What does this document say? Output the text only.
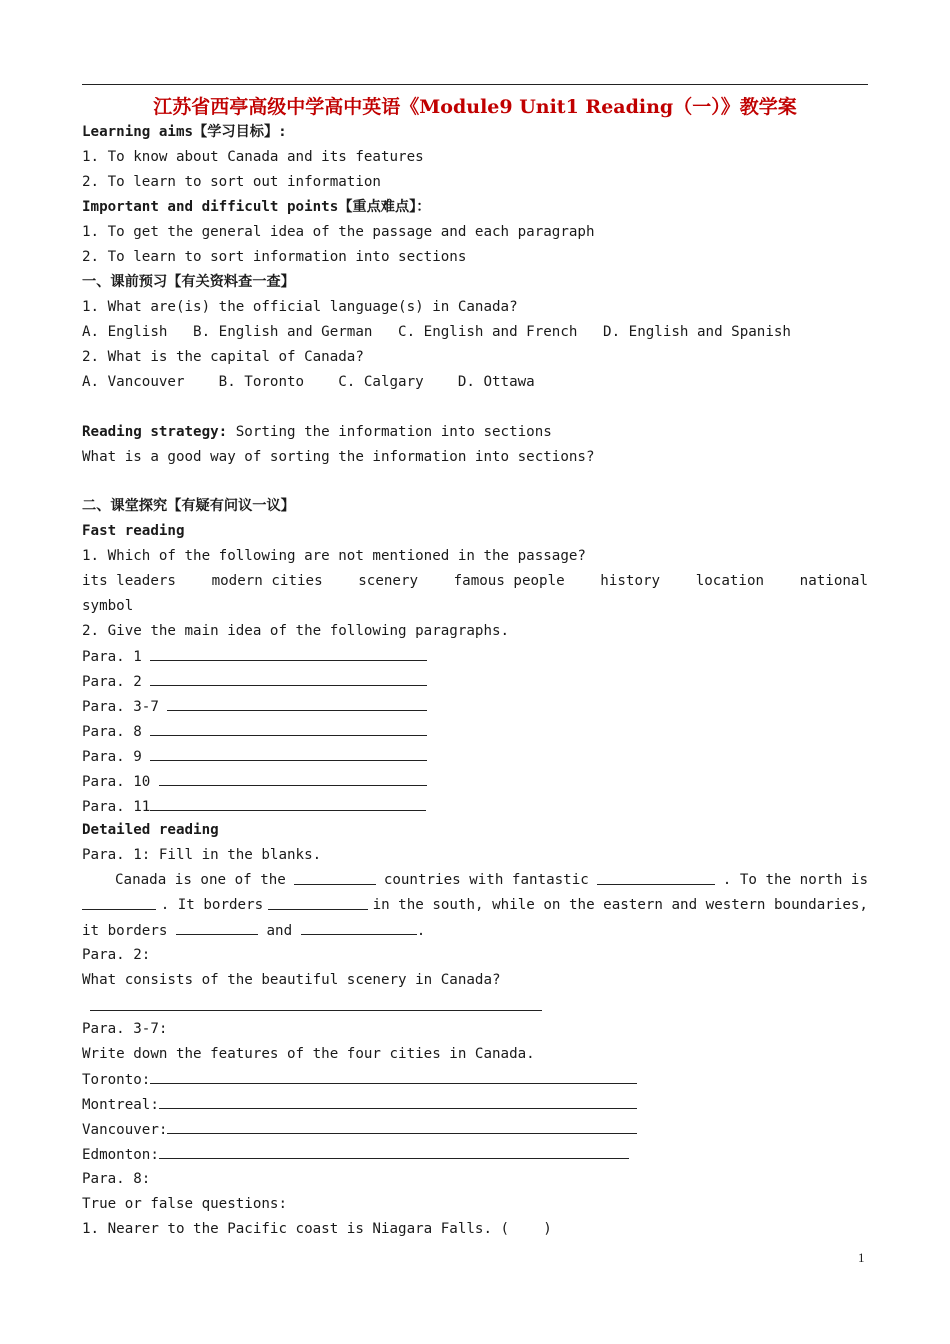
江苏省西亭高级中学高中英语《Module9 Unit1 Reading（一）》教学案
Learning aims【学习目标】:
1. To know about Canada and its features
2. To learn to sort out information
Important and difficult points【重点难点】：
1. To get the general idea of the passage and each paragraph
2. To learn to sort information into sections
一、课前预习【有关资料查一查】
1. What are(is) the official language(s) in Canada?
A. English   B. English and German   C. English and French   D. English and Spanish
2. What is the capital of Canada?
A. Vancouver    B. Toronto    C. Calgary    D. Ottawa
Reading strategy: Sorting the information into sections
What is a good way of sorting the information into sections?
二、课堂探究【有疑有问议一议】
Fast reading
1. Which of the following are not mentioned in the passage?
its leaders	modern cities	scenery	famous people	history	location	national
symbol
2. Give the main idea of the following paragraphs.
Para. 1
Para. 2
Para. 3-7
Para. 8
Para. 9
Para. 10
Para. 11
Detailed reading
Para. 1: Fill in the blanks.
Canada is one of the	countries with fantastic	. To the north is
. It borders	in the south, while on the eastern and western boundaries,
it borders	and	.
Para. 2:
What consists of the beautiful scenery in Canada?
Para. 3-7:
Write down the features of the four cities in Canada.
Toronto:
Montreal:
Vancouver:
Edmonton:
Para. 8:
True or false questions:
1. Nearer to the Pacific coast is Niagara Falls. (    )
1
